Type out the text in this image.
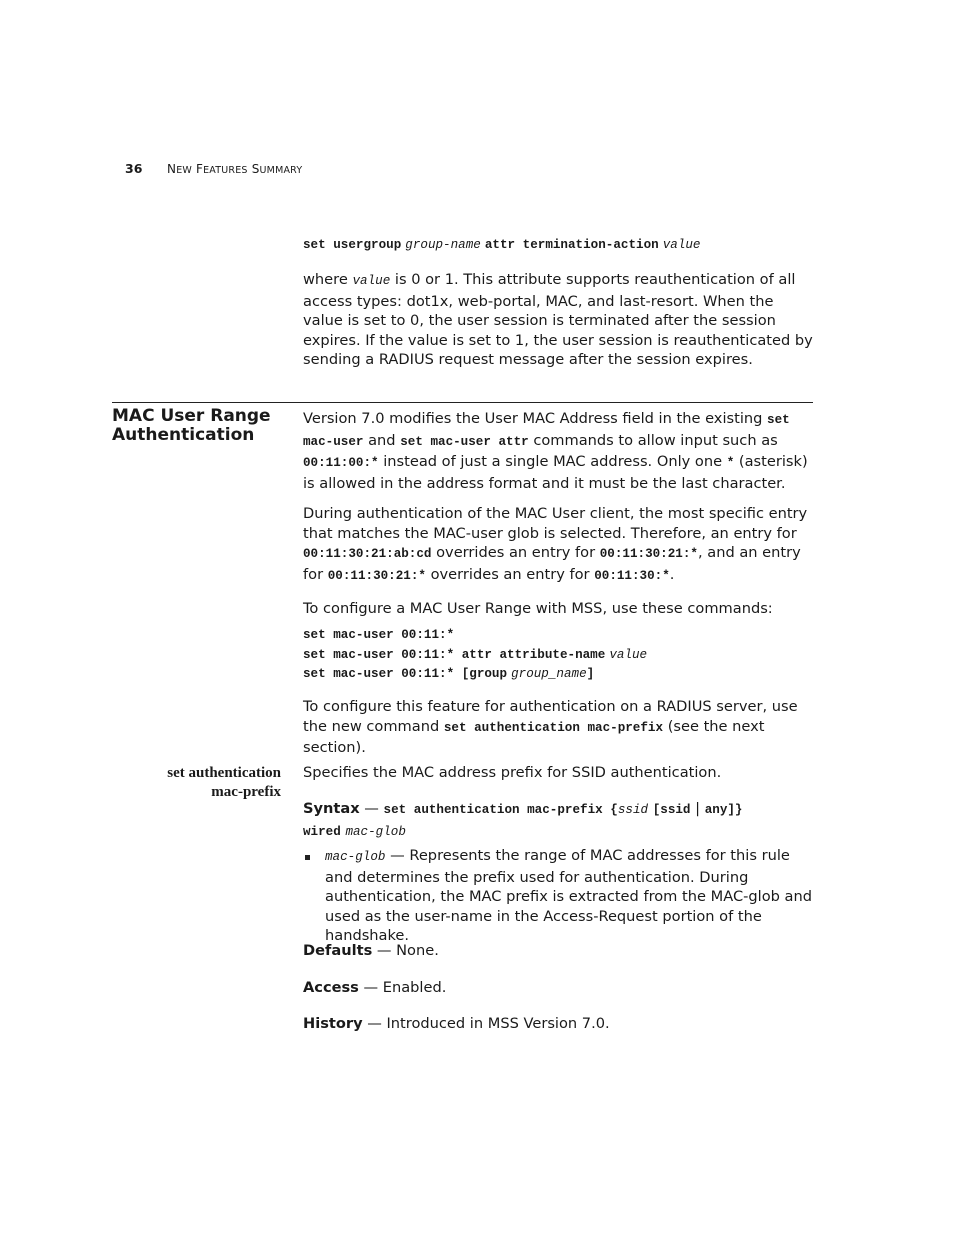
36 NEW FEATURES SUMMARY
set usergroup group-name attr termination-action value
where value is 0 or 1. This attribute supports reauthentication of all access types: dot1x, web-portal, MAC, and last-resort. When the value is set to 0, the user session is terminated after the session expires. If the value is set to 1, the user session is reauthenticated by sending a RADIUS request message after the session expires.
MAC User Range
Authentication
Version 7.0 modifies the User MAC Address field in the existing set mac-user and set mac-user attr commands to allow input such as 00:11:00:* instead of just a single MAC address. Only one * (asterisk) is allowed in the address format and it must be the last character.
During authentication of the MAC User client, the most specific entry that matches the MAC-user glob is selected. Therefore, an entry for 00:11:30:21:ab:cd overrides an entry for 00:11:30:21:*, and an entry for 00:11:30:21:* overrides an entry for 00:11:30:*.
To configure a MAC User Range with MSS, use these commands:
set mac-user 00:11:*
set mac-user 00:11:* attr attribute-name value
set mac-user 00:11:* [group group_name]
To configure this feature for authentication on a RADIUS server, use the new command set authentication mac-prefix (see the next section).
set authentication
mac-prefix
Specifies the MAC address prefix for SSID authentication.
Syntax — set authentication mac-prefix {ssid [ssid | any]}
wired mac-glob
mac-glob — Represents the range of MAC addresses for this rule and determines the prefix used for authentication. During authentication, the MAC prefix is extracted from the MAC-glob and used as the user-name in the Access-Request portion of the handshake.
Defaults — None.
Access — Enabled.
History — Introduced in MSS Version 7.0.
